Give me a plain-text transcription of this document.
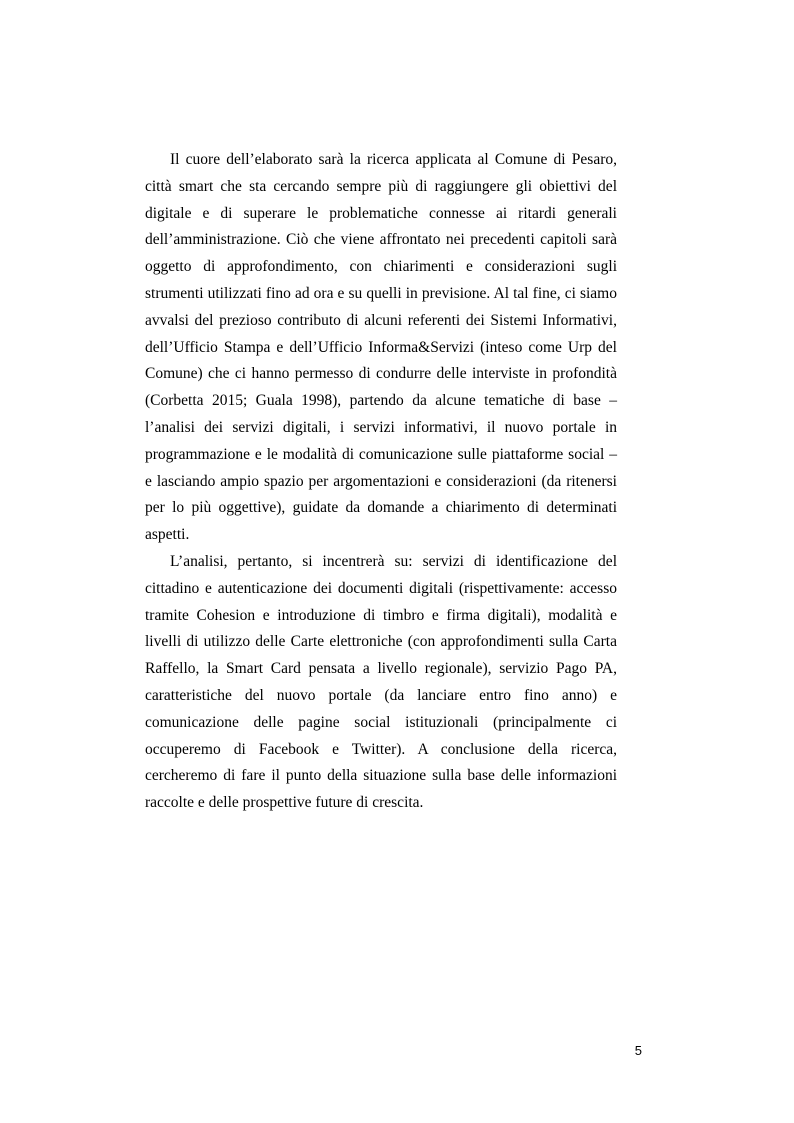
Il cuore dell’elaborato sarà la ricerca applicata al Comune di Pesaro, città smart che sta cercando sempre più di raggiungere gli obiettivi del digitale e di superare le problematiche connesse ai ritardi generali dell’amministrazione. Ciò che viene affrontato nei precedenti capitoli sarà oggetto di approfondimento, con chiarimenti e considerazioni sugli strumenti utilizzati fino ad ora e su quelli in previsione. Al tal fine, ci siamo avvalsi del prezioso contributo di alcuni referenti dei Sistemi Informativi, dell’Ufficio Stampa e dell’Ufficio Informa&Servizi (inteso come Urp del Comune) che ci hanno permesso di condurre delle interviste in profondità (Corbetta 2015; Guala 1998), partendo da alcune tematiche di base – l’analisi dei servizi digitali, i servizi informativi, il nuovo portale in programmazione e le modalità di comunicazione sulle piattaforme social – e lasciando ampio spazio per argomentazioni e considerazioni (da ritenersi per lo più oggettive), guidate da domande a chiarimento di determinati aspetti.

L’analisi, pertanto, si incentrerà su: servizi di identificazione del cittadino e autenticazione dei documenti digitali (rispettivamente: accesso tramite Cohesion e introduzione di timbro e firma digitali), modalità e livelli di utilizzo delle Carte elettroniche (con approfondimenti sulla Carta Raffello, la Smart Card pensata a livello regionale), servizio Pago PA, caratteristiche del nuovo portale (da lanciare entro fino anno) e comunicazione delle pagine social istituzionali (principalmente ci occuperemo di Facebook e Twitter). A conclusione della ricerca, cercheremo di fare il punto della situazione sulla base delle informazioni raccolte e delle prospettive future di crescita.

5
